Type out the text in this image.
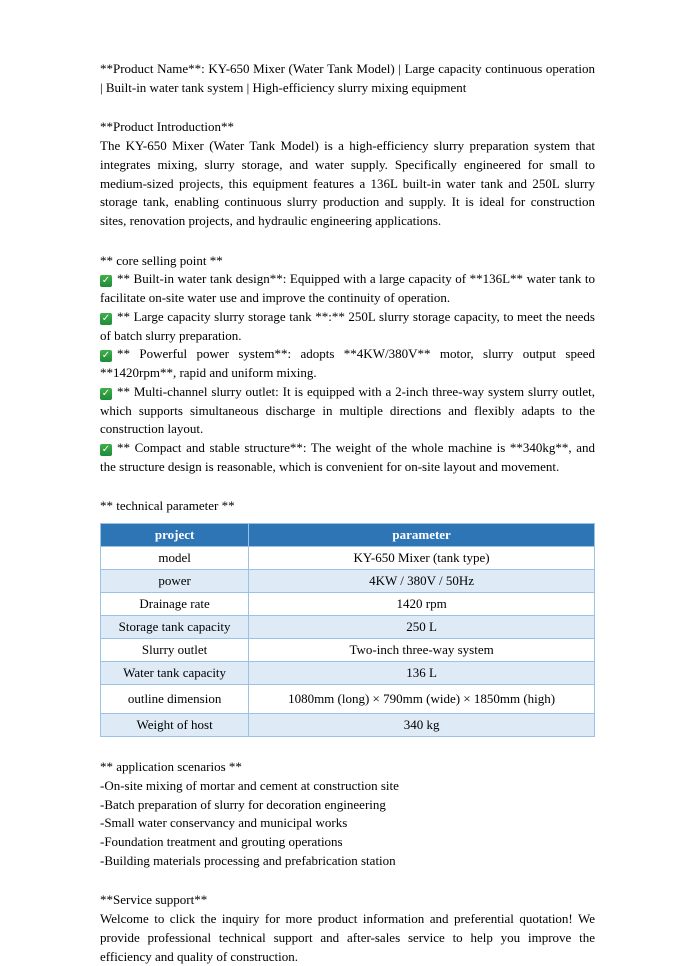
**Product Name**: KY-650 Mixer (Water Tank Model) | Large capacity continuous operation | Built-in water tank system | High-efficiency slurry mixing equipment

**Product Introduction**

The KY-650 Mixer (Water Tank Model) is a high-efficiency slurry preparation system that integrates mixing, slurry storage, and water supply. Specifically engineered for small to medium-sized projects, this equipment features a 136L built-in water tank and 250L slurry storage tank, enabling continuous slurry production and supply. It is ideal for construction sites, renovation projects, and hydraulic engineering applications.

** core selling point **

✓ ** Built-in water tank design**: Equipped with a large capacity of **136L** water tank to facilitate on-site water use and improve the continuity of operation.

✓ ** Large capacity slurry storage tank **:** 250L slurry storage capacity, to meet the needs of batch slurry preparation.

✓ ** Powerful power system**: adopts **4KW/380V** motor, slurry output speed **1420rpm**, rapid and uniform mixing.

✓ ** Multi-channel slurry outlet: It is equipped with a 2-inch three-way system slurry outlet, which supports simultaneous discharge in multiple directions and flexibly adapts to the construction layout.

✓ ** Compact and stable structure**: The weight of the whole machine is **340kg**, and the structure design is reasonable, which is convenient for on-site layout and movement.

** technical parameter **

project	parameter
model	KY-650 Mixer (tank type)
power	4KW / 380V / 50Hz
Drainage rate	1420 rpm
Storage tank capacity	250 L
Slurry outlet	Two-inch three-way system
Water tank capacity	136 L
outline dimension	1080mm (long) × 790mm (wide) × 1850mm (high)
Weight of host	340 kg

** application scenarios **

-On-site mixing of mortar and cement at construction site

-Batch preparation of slurry for decoration engineering

-Small water conservancy and municipal works

-Foundation treatment and grouting operations

-Building materials processing and prefabrication station

**Service support**

Welcome to click the inquiry for more product information and preferential quotation! We provide professional technical support and after-sales service to help you improve the efficiency and quality of construction.
